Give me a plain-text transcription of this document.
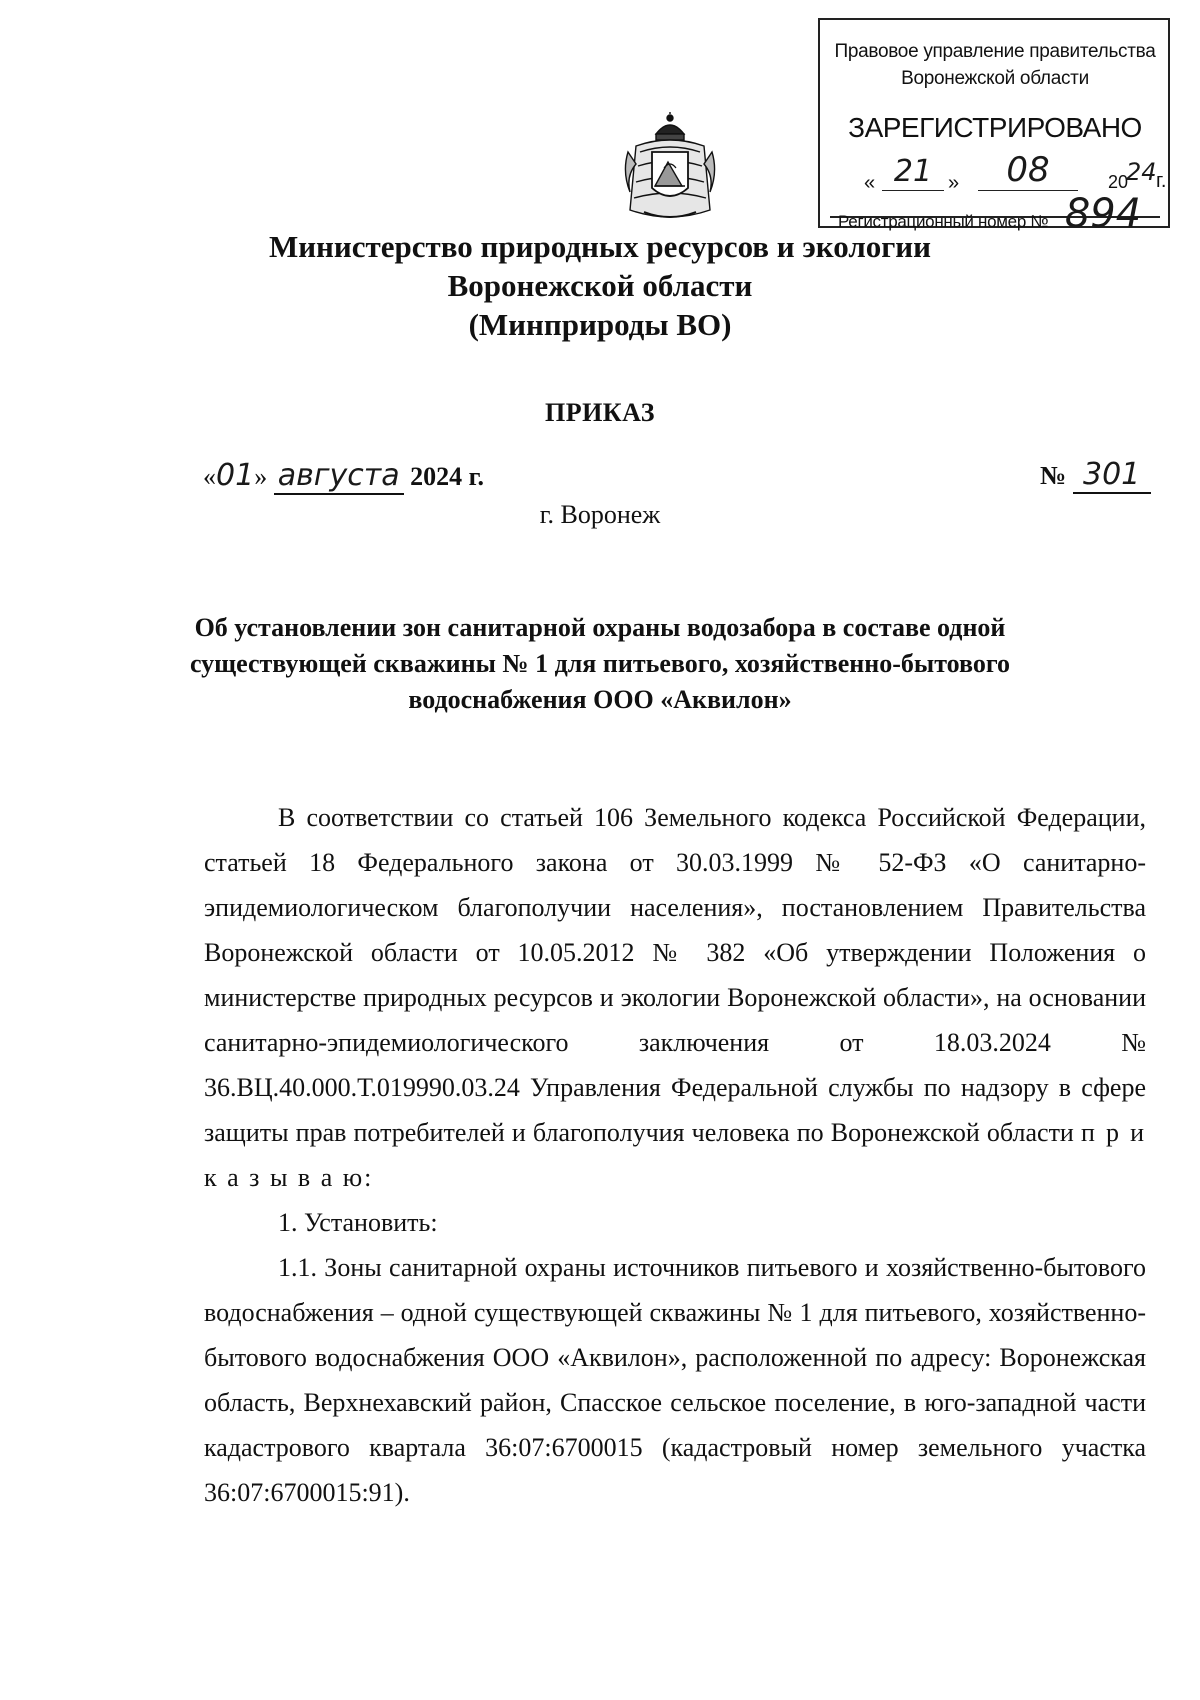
Правовое управление правительства
Воронежской области
ЗАРЕГИСТРИРОВАНО
« 21 »	08	20
24 г.
Регистрационный номер № 894
Министерство природных ресурсов и экологии
Воронежской области
(Минприроды ВО)
ПРИКАЗ
«01» августа 2024 г.	№ 301
г. Воронеж
Об установлении зон санитарной охраны водозабора в составе одной
существующей скважины № 1 для питьевого, хозяйственно-бытового
водоснабжения ООО «Аквилон»

В соответствии со статьей 106 Земельного кодекса Российской Федерации, статьей 18 Федерального закона от 30.03.1999 № 52-ФЗ «О санитарно-эпидемиологическом благополучии населения», постановлением Правительства Воронежской области от 10.05.2012 № 382 «Об утверждении Положения о министерстве природных ресурсов и экологии Воронежской области», на основании санитарно-эпидемиологического заключения от 18.03.2024 № 36.ВЦ.40.000.Т.019990.03.24 Управления Федеральной службы по надзору в сфере защиты прав потребителей и благополучия человека по Воронежской области п р и к а з ы в а ю:

1. Установить:

1.1. Зоны санитарной охраны источников питьевого и хозяйственно-бытового водоснабжения – одной существующей скважины № 1 для питьевого, хозяйственно-бытового водоснабжения ООО «Аквилон», расположенной по адресу: Воронежская область, Верхнехавский район, Спасское сельское поселение, в юго-западной части кадастрового квартала 36:07:6700015 (кадастровый номер земельного участка 36:07:6700015:91).
